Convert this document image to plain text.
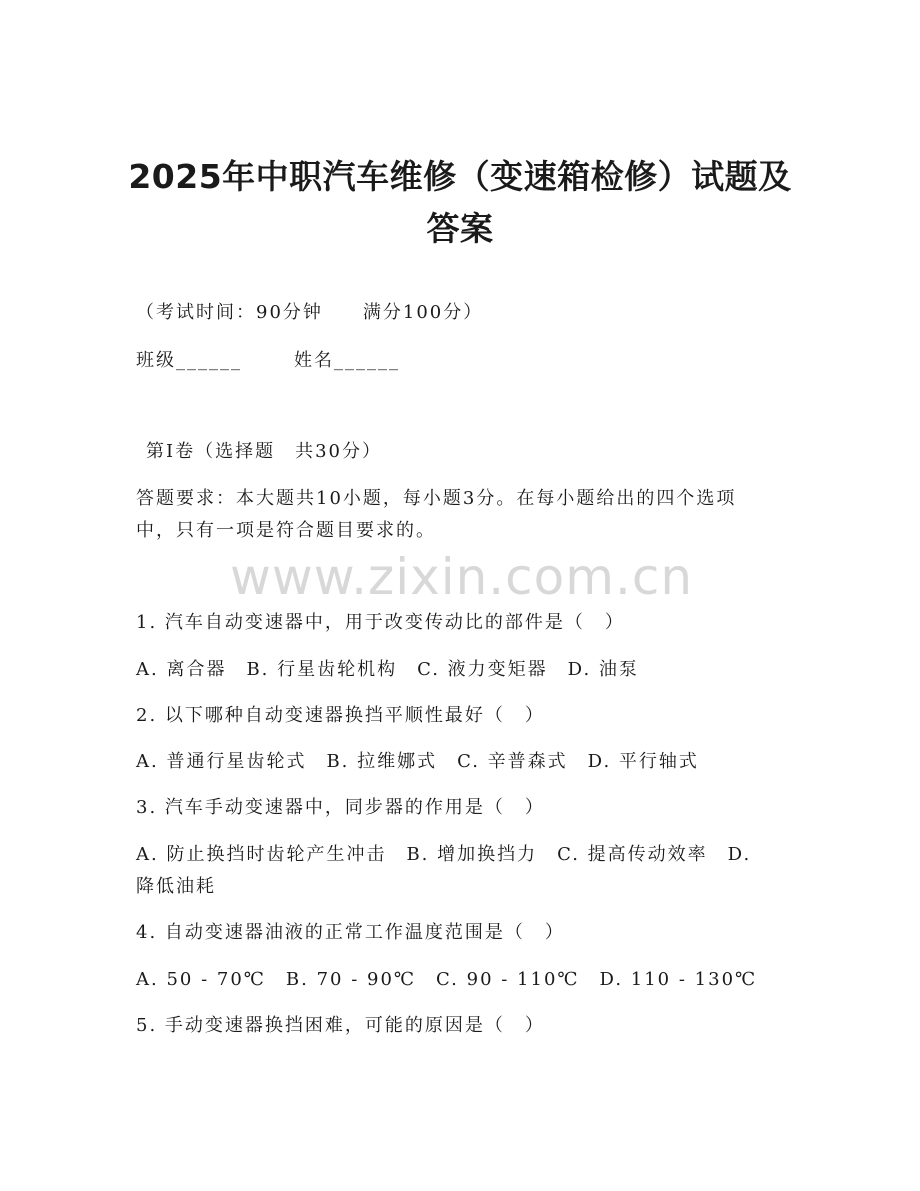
2025年中职汽车维修（变速箱检修）试题及
答案
（考试时间：90分钟　　满分100分）
班级______	姓名______
第Ⅰ卷（选择题　共30分）
答题要求：本大题共10小题，每小题3分。在每小题给出的四个选项
中，只有一项是符合题目要求的。
www.zixin.com.cn
1. 汽车自动变速器中，用于改变传动比的部件是（　）
A. 离合器　B. 行星齿轮机构　C. 液力变矩器　D. 油泵
2. 以下哪种自动变速器换挡平顺性最好（　）
A. 普通行星齿轮式　B. 拉维娜式　C. 辛普森式　D. 平行轴式
3. 汽车手动变速器中，同步器的作用是（　）
A. 防止换挡时齿轮产生冲击　B. 增加换挡力　C. 提高传动效率　D.
降低油耗
4. 自动变速器油液的正常工作温度范围是（　）
A. 50 - 70℃　B. 70 - 90℃　C. 90 - 110℃　D. 110 - 130℃
5. 手动变速器换挡困难，可能的原因是（　）
